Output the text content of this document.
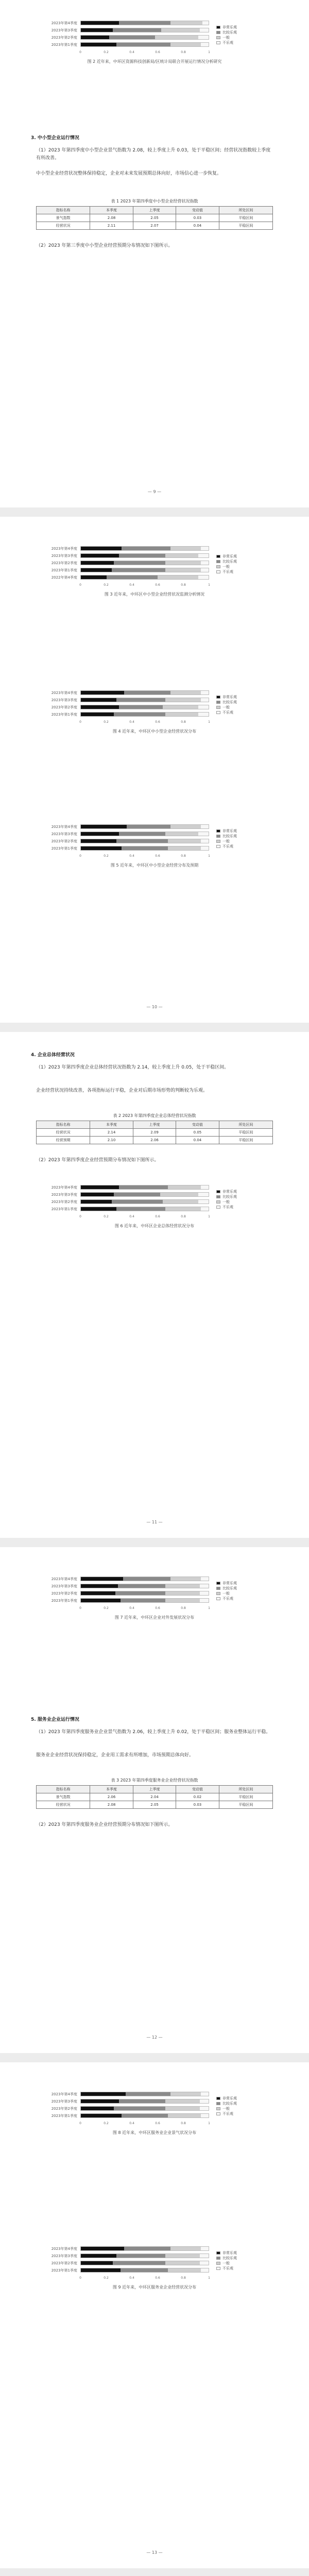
2023年第4季度
2023年第3季度
2023年第2季度
2023年第1季度
0	0.2	0.4	0.6	0.8	1
非常乐观
比较乐观
一般
不乐观
图 2 近年来，中环区资源科技创新局/区统计局联合开展运行情况分析研究
3. 中小型企业运行情况
（1）2023 年第四季度中小型企业景气指数为 2.08，较上季度上升 0.03，处于平稳区间；经营状况指数较上季度有所改善。
中小型企业经营状况整体保持稳定，企业对未来发展预期总体向好，市场信心进一步恢复。
表 1 2023 年第四季度中小型企业经营状况指数
指标名称	本季度	上季度	变动值	所处区间
景气指数	2.08	2.05	0.03	平稳区间
经营状况	2.11	2.07	0.04	平稳区间
（2）2023 年第三季度中小型企业经营预期分布情况如下图所示。
— 9 —
2023年第4季度
2023年第3季度
2023年第2季度
2023年第1季度
2022年第4季度
0	0.2	0.4	0.6	0.8	1
非常乐观
比较乐观
一般
不乐观
图 3 近年来，中环区中小型企业经营状况监测分析情况
2023年第4季度
2023年第3季度
2023年第2季度
2023年第1季度
0	0.2	0.4	0.6	0.8	1
非常乐观
比较乐观
一般
不乐观
图 4 近年来，中环区中小型企业经营状况分布
2023年第4季度
2023年第3季度
2023年第2季度
2023年第1季度
0	0.2	0.4	0.6	0.8	1
非常乐观
比较乐观
一般
不乐观
图 5 近年来，中环区中小型企业经营分布及预期
— 10 —
4. 企业总体经营状况
（1）2023 年第四季度企业总体经营状况指数为 2.14，较上季度上升 0.05，处于平稳区间。
企业经营状况持续改善，各项指标运行平稳，企业对后期市场形势的判断较为乐观。
表 2 2023 年第四季度企业总体经营状况指数
指标名称	本季度	上季度	变动值	所处区间
经营状况	2.14	2.09	0.05	平稳区间
经营预期	2.10	2.06	0.04	平稳区间
（2）2023 年第四季度企业经营预期分布情况如下图所示。
2023年第4季度
2023年第3季度
2023年第2季度
2023年第1季度
0	0.2	0.4	0.6	0.8	1
非常乐观
比较乐观
一般
不乐观
图 6 近年来，中环区企业总体经营状况分布
— 11 —
2023年第4季度
2023年第3季度
2023年第2季度
2023年第1季度
0	0.2	0.4	0.6	0.8	1
非常乐观
比较乐观
一般
不乐观
图 7 近年来，中环区企业对外发展状况分布
5. 服务业企业运行情况
（1）2023 年第四季度服务业企业景气指数为 2.06，较上季度上升 0.02，处于平稳区间；服务业整体运行平稳。
服务业企业经营状况保持稳定，企业用工需求有所增加，市场预期总体向好。
表 3 2023 年第四季度服务业企业经营状况指数
指标名称	本季度	上季度	变动值	所处区间
景气指数	2.06	2.04	0.02	平稳区间
经营状况	2.08	2.05	0.03	平稳区间
（2）2023 年第四季度服务业企业经营预期分布情况如下图所示。
— 12 —
2023年第4季度
2023年第3季度
2023年第2季度
2023年第1季度
0	0.2	0.4	0.6	0.8	1
非常乐观
比较乐观
一般
不乐观
图 8 近年来，中环区服务业企业景气状况分布
2023年第4季度
2023年第3季度
2023年第2季度
2023年第1季度
0	0.2	0.4	0.6	0.8	1
非常乐观
比较乐观
一般
不乐观
图 9 近年来，中环区服务业企业经营状况分布
— 13 —
